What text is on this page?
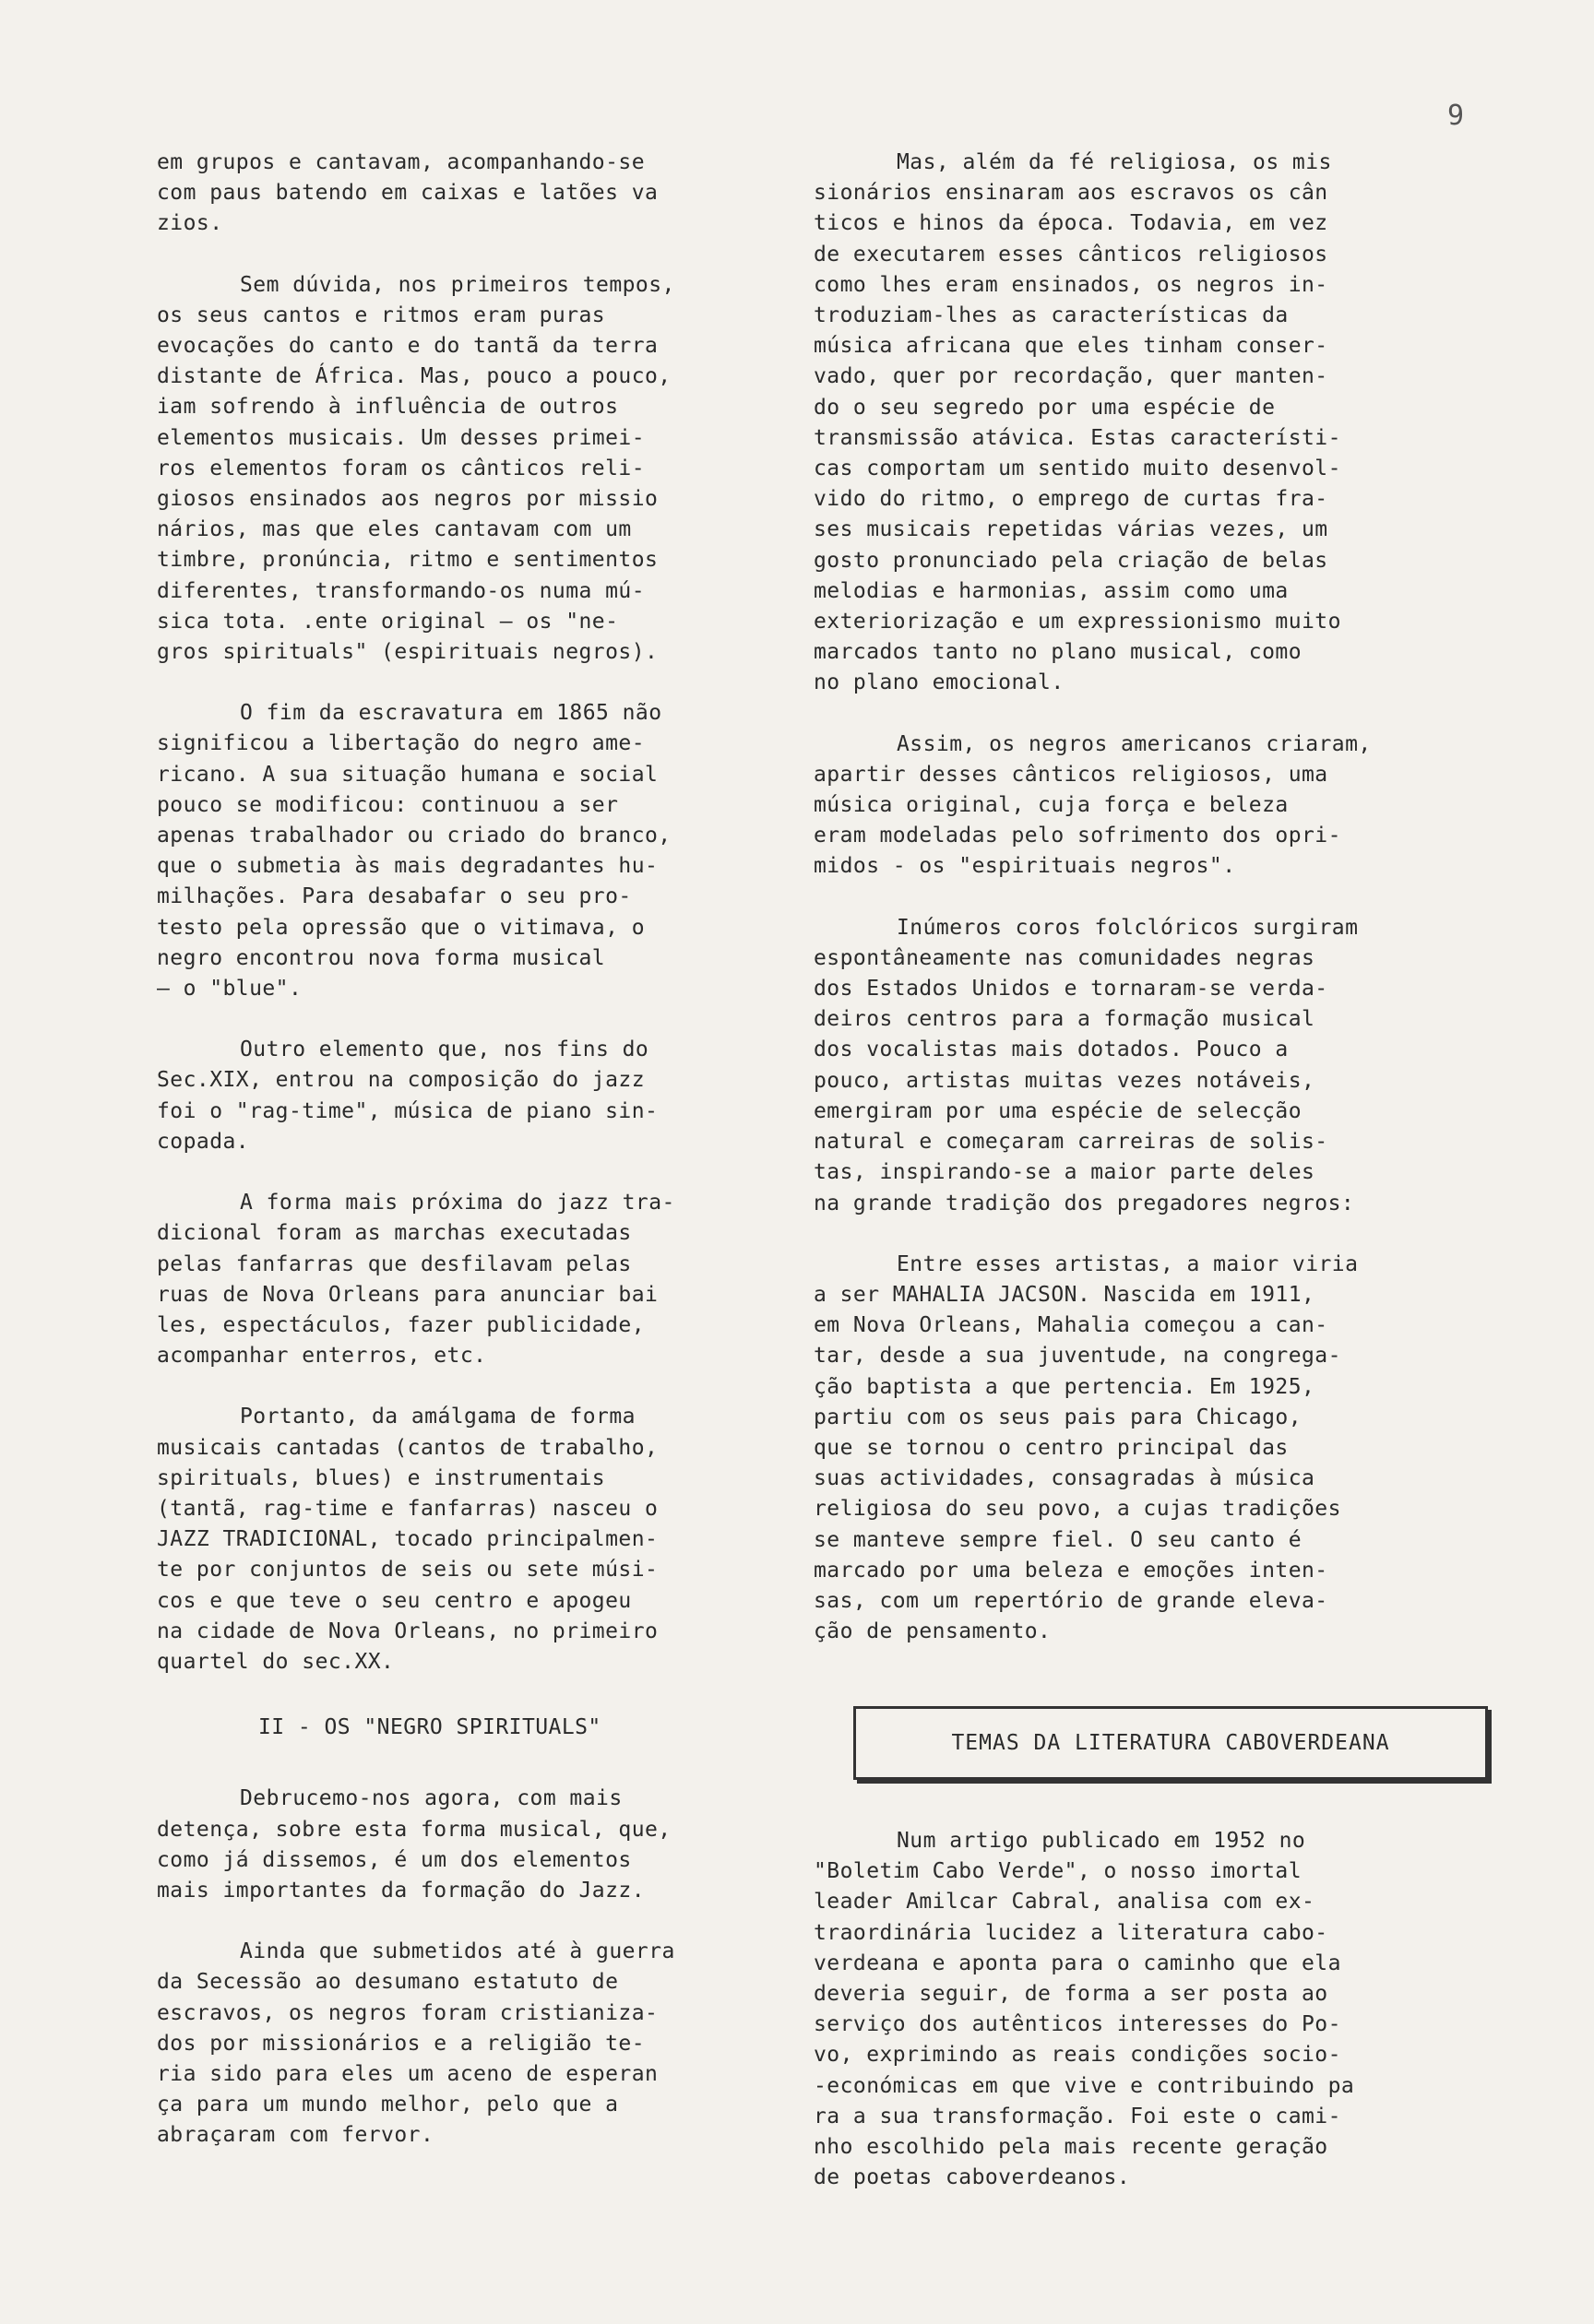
9
em grupos e cantavam, acompanhando-se
com paus batendo em caixas e latões va
zios.
Sem dúvida, nos primeiros tempos,
os seus cantos e ritmos eram puras
evocações do canto e do tantã da terra
distante de África. Mas, pouco a pouco,
iam sofrendo à influência de outros
elementos musicais. Um desses primei-
ros elementos foram os cânticos reli-
giosos ensinados aos negros por missio
nários, mas que eles cantavam com um
timbre, pronúncia, ritmo e sentimentos
diferentes, transformando-os numa mú-
sica tota. .ente original — os "ne-
gros spirituals" (espirituais negros).
O fim da escravatura em 1865 não
significou a libertação do negro ame-
ricano. A sua situação humana e social
pouco se modificou: continuou a ser
apenas trabalhador ou criado do branco,
que o submetia às mais degradantes hu-
milhações. Para desabafar o seu pro-
testo pela opressão que o vitimava, o
negro encontrou nova forma musical
— o "blue".
Outro elemento que, nos fins do
Sec.XIX, entrou na composição do jazz
foi o "rag-time", música de piano sin-
copada.
A forma mais próxima do jazz tra-
dicional foram as marchas executadas
pelas fanfarras que desfilavam pelas
ruas de Nova Orleans para anunciar bai
les, espectáculos, fazer publicidade,
acompanhar enterros, etc.
Portanto, da amálgama de forma
musicais cantadas (cantos de trabalho,
spirituals, blues) e instrumentais
(tantã, rag-time e fanfarras) nasceu o
JAZZ TRADICIONAL, tocado principalmen-
te por conjuntos de seis ou sete músi-
cos e que teve o seu centro e apogeu
na cidade de Nova Orleans, no primeiro
quartel do sec.XX.
II - OS "NEGRO SPIRITUALS"
Debrucemo-nos agora, com mais
detença, sobre esta forma musical, que,
como já dissemos, é um dos elementos
mais importantes da formação do Jazz.
Ainda que submetidos até à guerra
da Secessão ao desumano estatuto de
escravos, os negros foram cristianiza-
dos por missionários e a religião te-
ria sido para eles um aceno de esperan
ça para um mundo melhor, pelo que a
abraçaram com fervor.
Mas, além da fé religiosa, os mis
sionários ensinaram aos escravos os cân
ticos e hinos da época. Todavia, em vez
de executarem esses cânticos religiosos
como lhes eram ensinados, os negros in-
troduziam-lhes as características da
música africana que eles tinham conser-
vado, quer por recordação, quer manten-
do o seu segredo por uma espécie de
transmissão atávica. Estas característi-
cas comportam um sentido muito desenvol-
vido do ritmo, o emprego de curtas fra-
ses musicais repetidas várias vezes, um
gosto pronunciado pela criação de belas
melodias e harmonias, assim como uma
exteriorização e um expressionismo muito
marcados tanto no plano musical, como
no plano emocional.
Assim, os negros americanos criaram,
apartir desses cânticos religiosos, uma
música original, cuja força e beleza
eram modeladas pelo sofrimento dos opri-
midos - os "espirituais negros".
Inúmeros coros folclóricos surgiram
espontâneamente nas comunidades negras
dos Estados Unidos e tornaram-se verda-
deiros centros para a formação musical
dos vocalistas mais dotados. Pouco a
pouco, artistas muitas vezes notáveis,
emergiram por uma espécie de selecção
natural e começaram carreiras de solis-
tas, inspirando-se a maior parte deles
na grande tradição dos pregadores negros:
Entre esses artistas, a maior viria
a ser MAHALIA JACSON. Nascida em 1911,
em Nova Orleans, Mahalia começou a can-
tar, desde a sua juventude, na congrega-
ção baptista a que pertencia. Em 1925,
partiu com os seus pais para Chicago,
que se tornou o centro principal das
suas actividades, consagradas à música
religiosa do seu povo, a cujas tradições
se manteve sempre fiel. O seu canto é
marcado por uma beleza e emoções inten-
sas, com um repertório de grande eleva-
ção de pensamento.
TEMAS DA LITERATURA CABOVERDEANA
Num artigo publicado em 1952 no
"Boletim Cabo Verde", o nosso imortal
leader Amilcar Cabral, analisa com ex-
traordinária lucidez a literatura cabo-
verdeana e aponta para o caminho que ela
deveria seguir, de forma a ser posta ao
serviço dos autênticos interesses do Po-
vo, exprimindo as reais condições socio-
-económicas em que vive e contribuindo pa
ra a sua transformação. Foi este o cami-
nho escolhido pela mais recente geração
de poetas caboverdeanos.
